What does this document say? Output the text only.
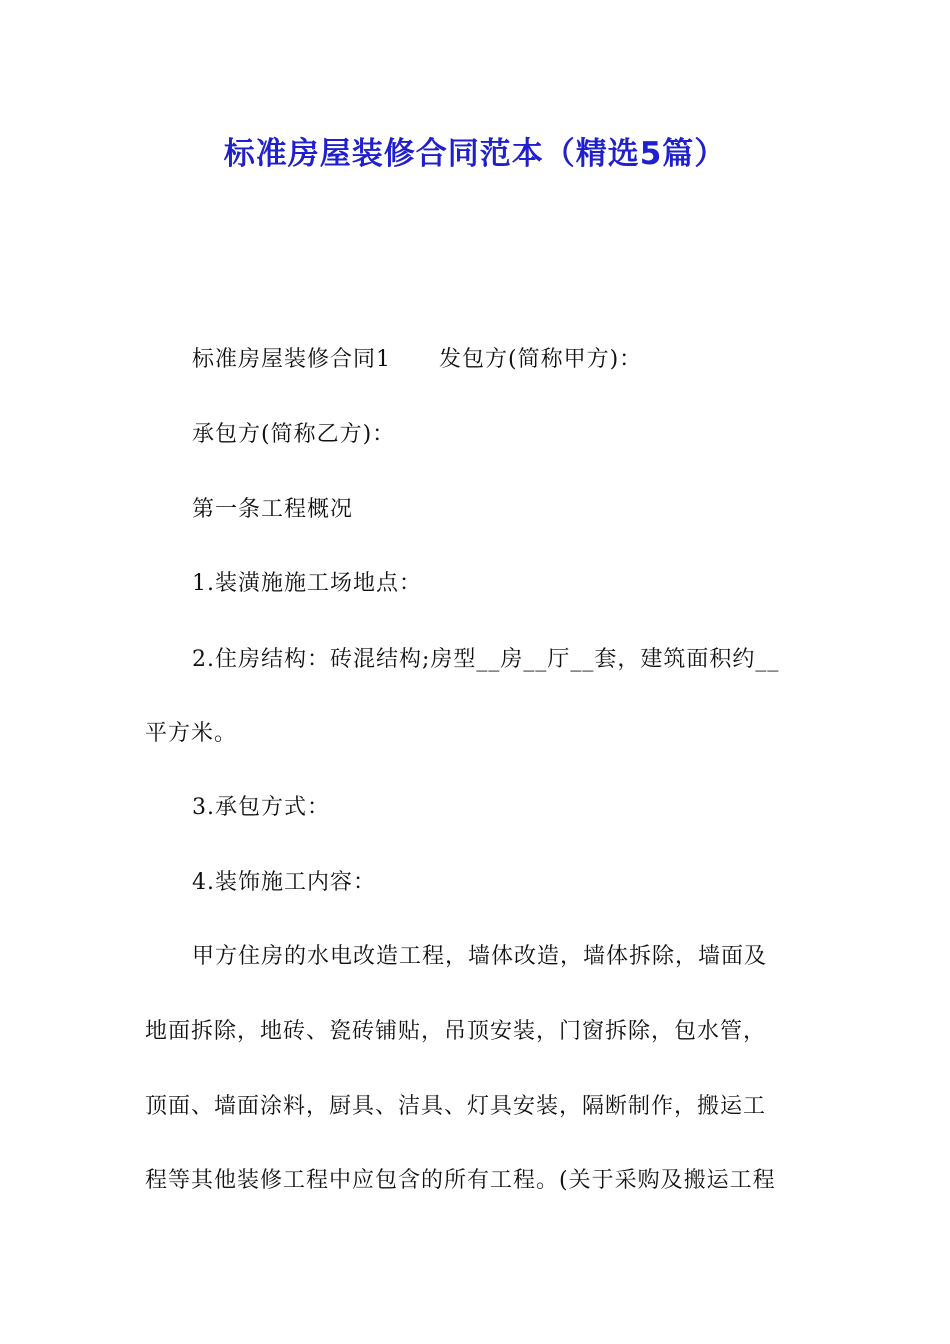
标准房屋装修合同范本（精选5篇）
标准房屋装修合同1 发包方(简称甲方)：
承包方(简称乙方)：
第一条工程概况
1.装潢施施工场地点：
2.住房结构：砖混结构;房型__房__厅__套，建筑面积约__
平方米。
3.承包方式：
4.装饰施工内容：
甲方住房的水电改造工程，墙体改造，墙体拆除，墙面及
地面拆除，地砖、瓷砖铺贴，吊顶安装，门窗拆除，包水管，
顶面、墙面涂料，厨具、洁具、灯具安装，隔断制作，搬运工
程等其他装修工程中应包含的所有工程。(关于采购及搬运工程
